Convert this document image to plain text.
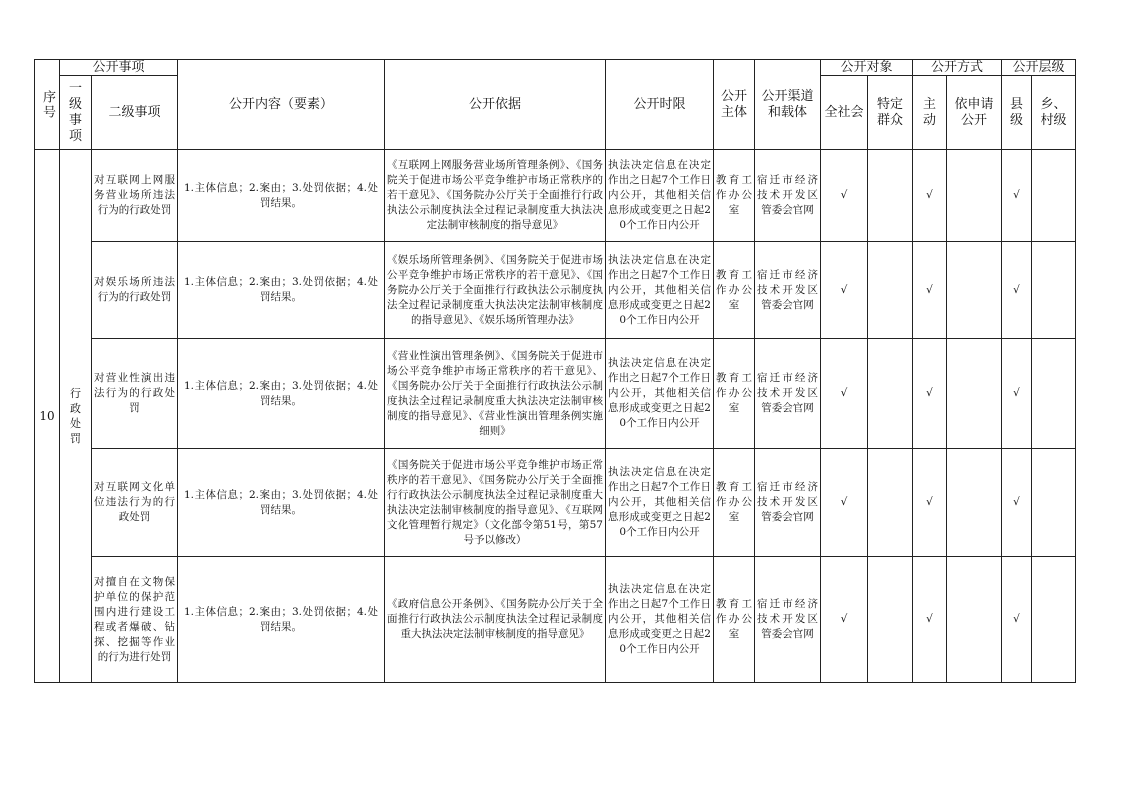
序号	公开事项		公开内容（要素）	公开依据	公开时限	公开主体	公开渠道和载体	公开对象		公开方式		公开层级	
	一级事项	二级事项						全社会	特定群众	主动	依申请公开	县级	乡、村级
10	行政处罚	对互联网上网服务营业场所违法行为的行政处罚	1.主体信息；2.案由；3.处罚依据；4.处罚结果。	《互联网上网服务营业场所管理条例》、《国务院关于促进市场公平竞争维护市场正常秩序的若干意见》、《国务院办公厅关于全面推行行政执法公示制度执法全过程记录制度重大执法决定法制审核制度的指导意见》	执法决定信息在决定作出之日起7个工作日内公开，其他相关信息形成或变更之日起20个工作日内公开	教育工作办公室	宿迁市经济技术开发区管委会官网	√		√		√	
		对娱乐场所违法行为的行政处罚	1.主体信息；2.案由；3.处罚依据；4.处罚结果。	《娱乐场所管理条例》、《国务院关于促进市场公平竞争维护市场正常秩序的若干意见》、《国务院办公厅关于全面推行行政执法公示制度执法全过程记录制度重大执法决定法制审核制度的指导意见》、《娱乐场所管理办法》	执法决定信息在决定作出之日起7个工作日内公开，其他相关信息形成或变更之日起20个工作日内公开	教育工作办公室	宿迁市经济技术开发区管委会官网	√		√		√	
		对营业性演出违法行为的行政处罚	1.主体信息；2.案由；3.处罚依据；4.处罚结果。	《营业性演出管理条例》、《国务院关于促进市场公平竞争维护市场正常秩序的若干意见》、《国务院办公厅关于全面推行行政执法公示制度执法全过程记录制度重大执法决定法制审核制度的指导意见》、《营业性演出管理条例实施细则》	执法决定信息在决定作出之日起7个工作日内公开，其他相关信息形成或变更之日起20个工作日内公开	教育工作办公室	宿迁市经济技术开发区管委会官网	√		√		√	
		对互联网文化单位违法行为的行政处罚	1.主体信息；2.案由；3.处罚依据；4.处罚结果。	《国务院关于促进市场公平竞争维护市场正常秩序的若干意见》、《国务院办公厅关于全面推行行政执法公示制度执法全过程记录制度重大执法决定法制审核制度的指导意见》、《互联网文化管理暂行规定》（文化部令第51号，第57号予以修改）	执法决定信息在决定作出之日起7个工作日内公开，其他相关信息形成或变更之日起20个工作日内公开	教育工作办公室	宿迁市经济技术开发区管委会官网	√		√		√	
		对擅自在文物保护单位的保护范围内进行建设工程或者爆破、钻探、挖掘等作业的行为进行处罚	1.主体信息；2.案由；3.处罚依据；4.处罚结果。	《政府信息公开条例》、《国务院办公厅关于全面推行行政执法公示制度执法全过程记录制度重大执法决定法制审核制度的指导意见》	执法决定信息在决定作出之日起7个工作日内公开，其他相关信息形成或变更之日起20个工作日内公开	教育工作办公室	宿迁市经济技术开发区管委会官网	√		√		√	
